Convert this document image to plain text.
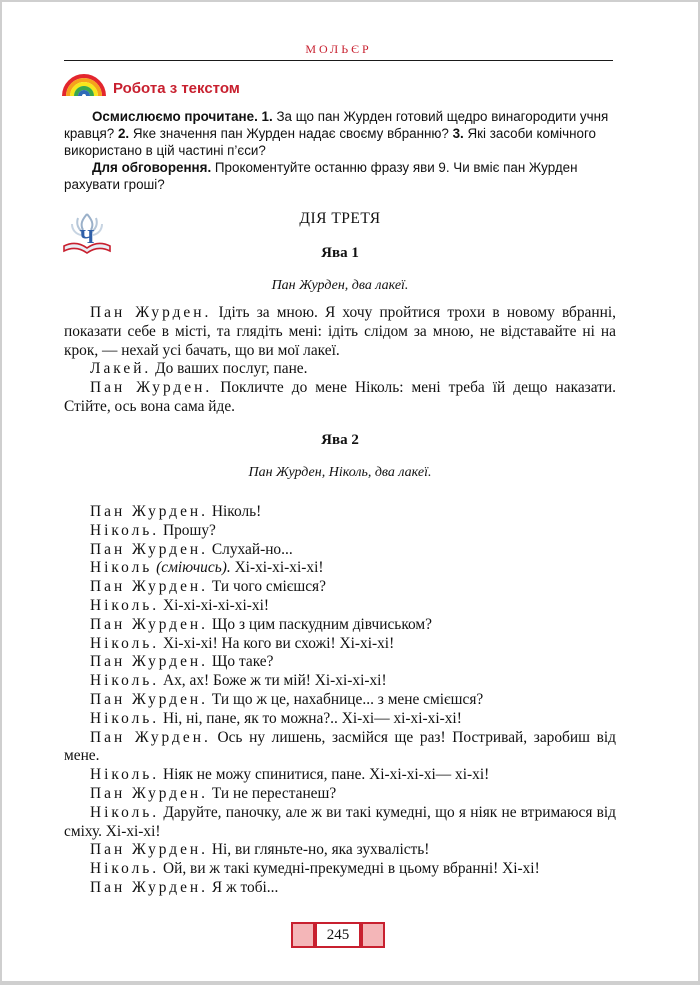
МОЛЬЄР
Робота з текстом

Осмислюємо прочитане. 1. За що пан Журден готовий щедро винагородити учня кравця? 2. Яке значення пан Журден надає своєму вбранню? 3. Які засоби комічного використано в цій частині п’єси?

Для обговорення. Прокоментуйте останню фразу яви 9. Чи вміє пан Журден рахувати гроші?

Ч
ДІЯ ТРЕТЯ
Ява 1
Пан Журден, два лакеї.

Пан Журден. Ідіть за мною. Я хочу пройтися трохи в новому вбранні, показати себе в місті, та глядіть мені: ідіть слідом за мною, не відставайте ні на крок, — нехай усі бачать, що ви мої лакеї.

Лакей. До ваших послуг, пане.

Пан Журден. Покличте до мене Ніколь: мені треба їй дещо наказати. Стійте, ось вона сама йде.

Ява 2
Пан Журден, Ніколь, два лакеї.

Пан Журден. Ніколь!

Ніколь. Прошу?

Пан Журден. Слухай-но...

Ніколь (сміючись). Хі-хі-хі-хі-хі!

Пан Журден. Ти чого смієшся?

Ніколь. Хі-хі-хі-хі-хі-хі!

Пан Журден. Що з цим паскудним дівчиськом?

Ніколь. Хі-хі-хі! На кого ви схожі! Хі-хі-хі!

Пан Журден. Що таке?

Ніколь. Ах, ах! Боже ж ти мій! Хі-хі-хі-хі!

Пан Журден. Ти що ж це, нахабнице... з мене смієшся?

Ніколь. Ні, ні, пане, як то можна?.. Хі-хі— хі-хі-хі-хі!

Пан Журден. Ось ну лишень, засмійся ще раз! Постривай, заробиш від мене.

Ніколь. Ніяк не можу спинитися, пане. Хі-хі-хі-хі— хі-хі!

Пан Журден. Ти не перестанеш?

Ніколь. Даруйте, паночку, але ж ви такі кумедні, що я ніяк не втримаюся від сміху. Хі-хі-хі!

Пан Журден. Ні, ви гляньте-но, яка зухвалість!

Ніколь. Ой, ви ж такі кумедні-прекумедні в цьому вбранні! Хі-хі!

Пан Журден. Я ж тобі...

245
